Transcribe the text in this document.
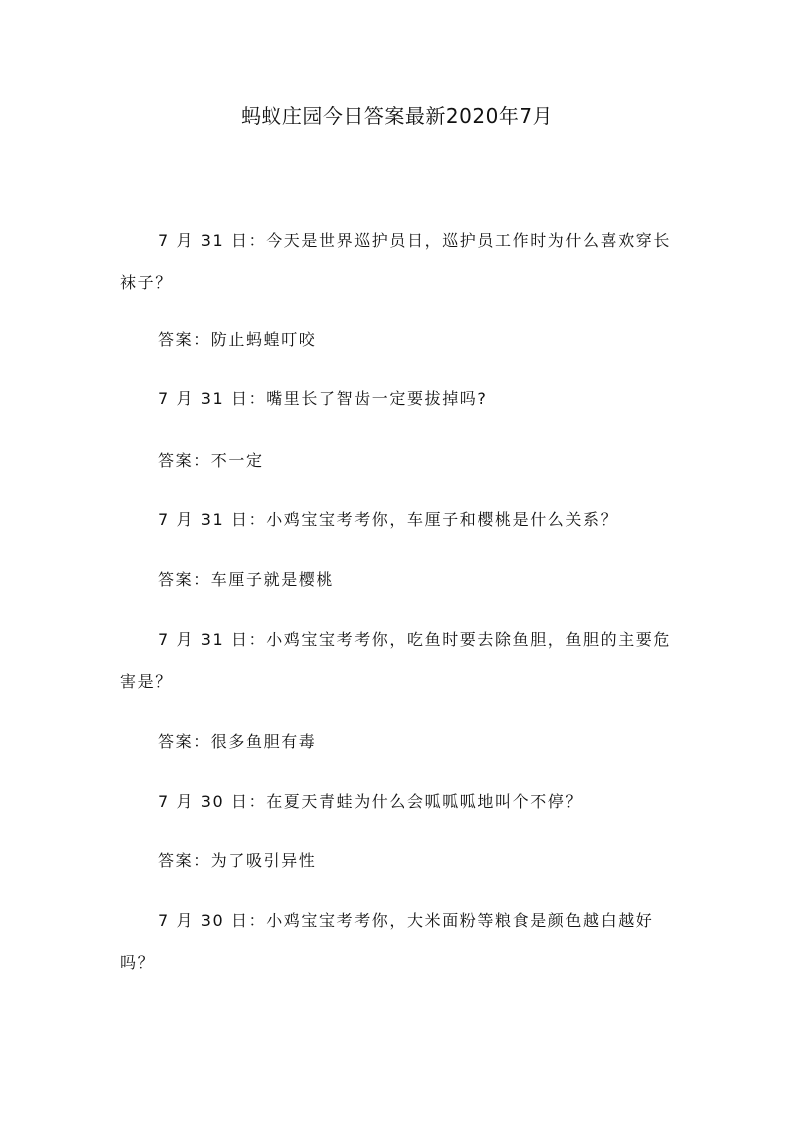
蚂蚁庄园今日答案最新2020年7月

7 月 31 日：今天是世界巡护员日，巡护员工作时为什么喜欢穿长袜子？

答案：防止蚂蝗叮咬

7 月 31 日：嘴里长了智齿一定要拔掉吗?

答案：不一定

7 月 31 日：小鸡宝宝考考你，车厘子和樱桃是什么关系？

答案：车厘子就是樱桃

7 月 31 日：小鸡宝宝考考你，吃鱼时要去除鱼胆，鱼胆的主要危害是？

答案：很多鱼胆有毒

7 月 30 日：在夏天青蛙为什么会呱呱呱地叫个不停？

答案：为了吸引异性

7 月 30 日：小鸡宝宝考考你，大米面粉等粮食是颜色越白越好吗？
